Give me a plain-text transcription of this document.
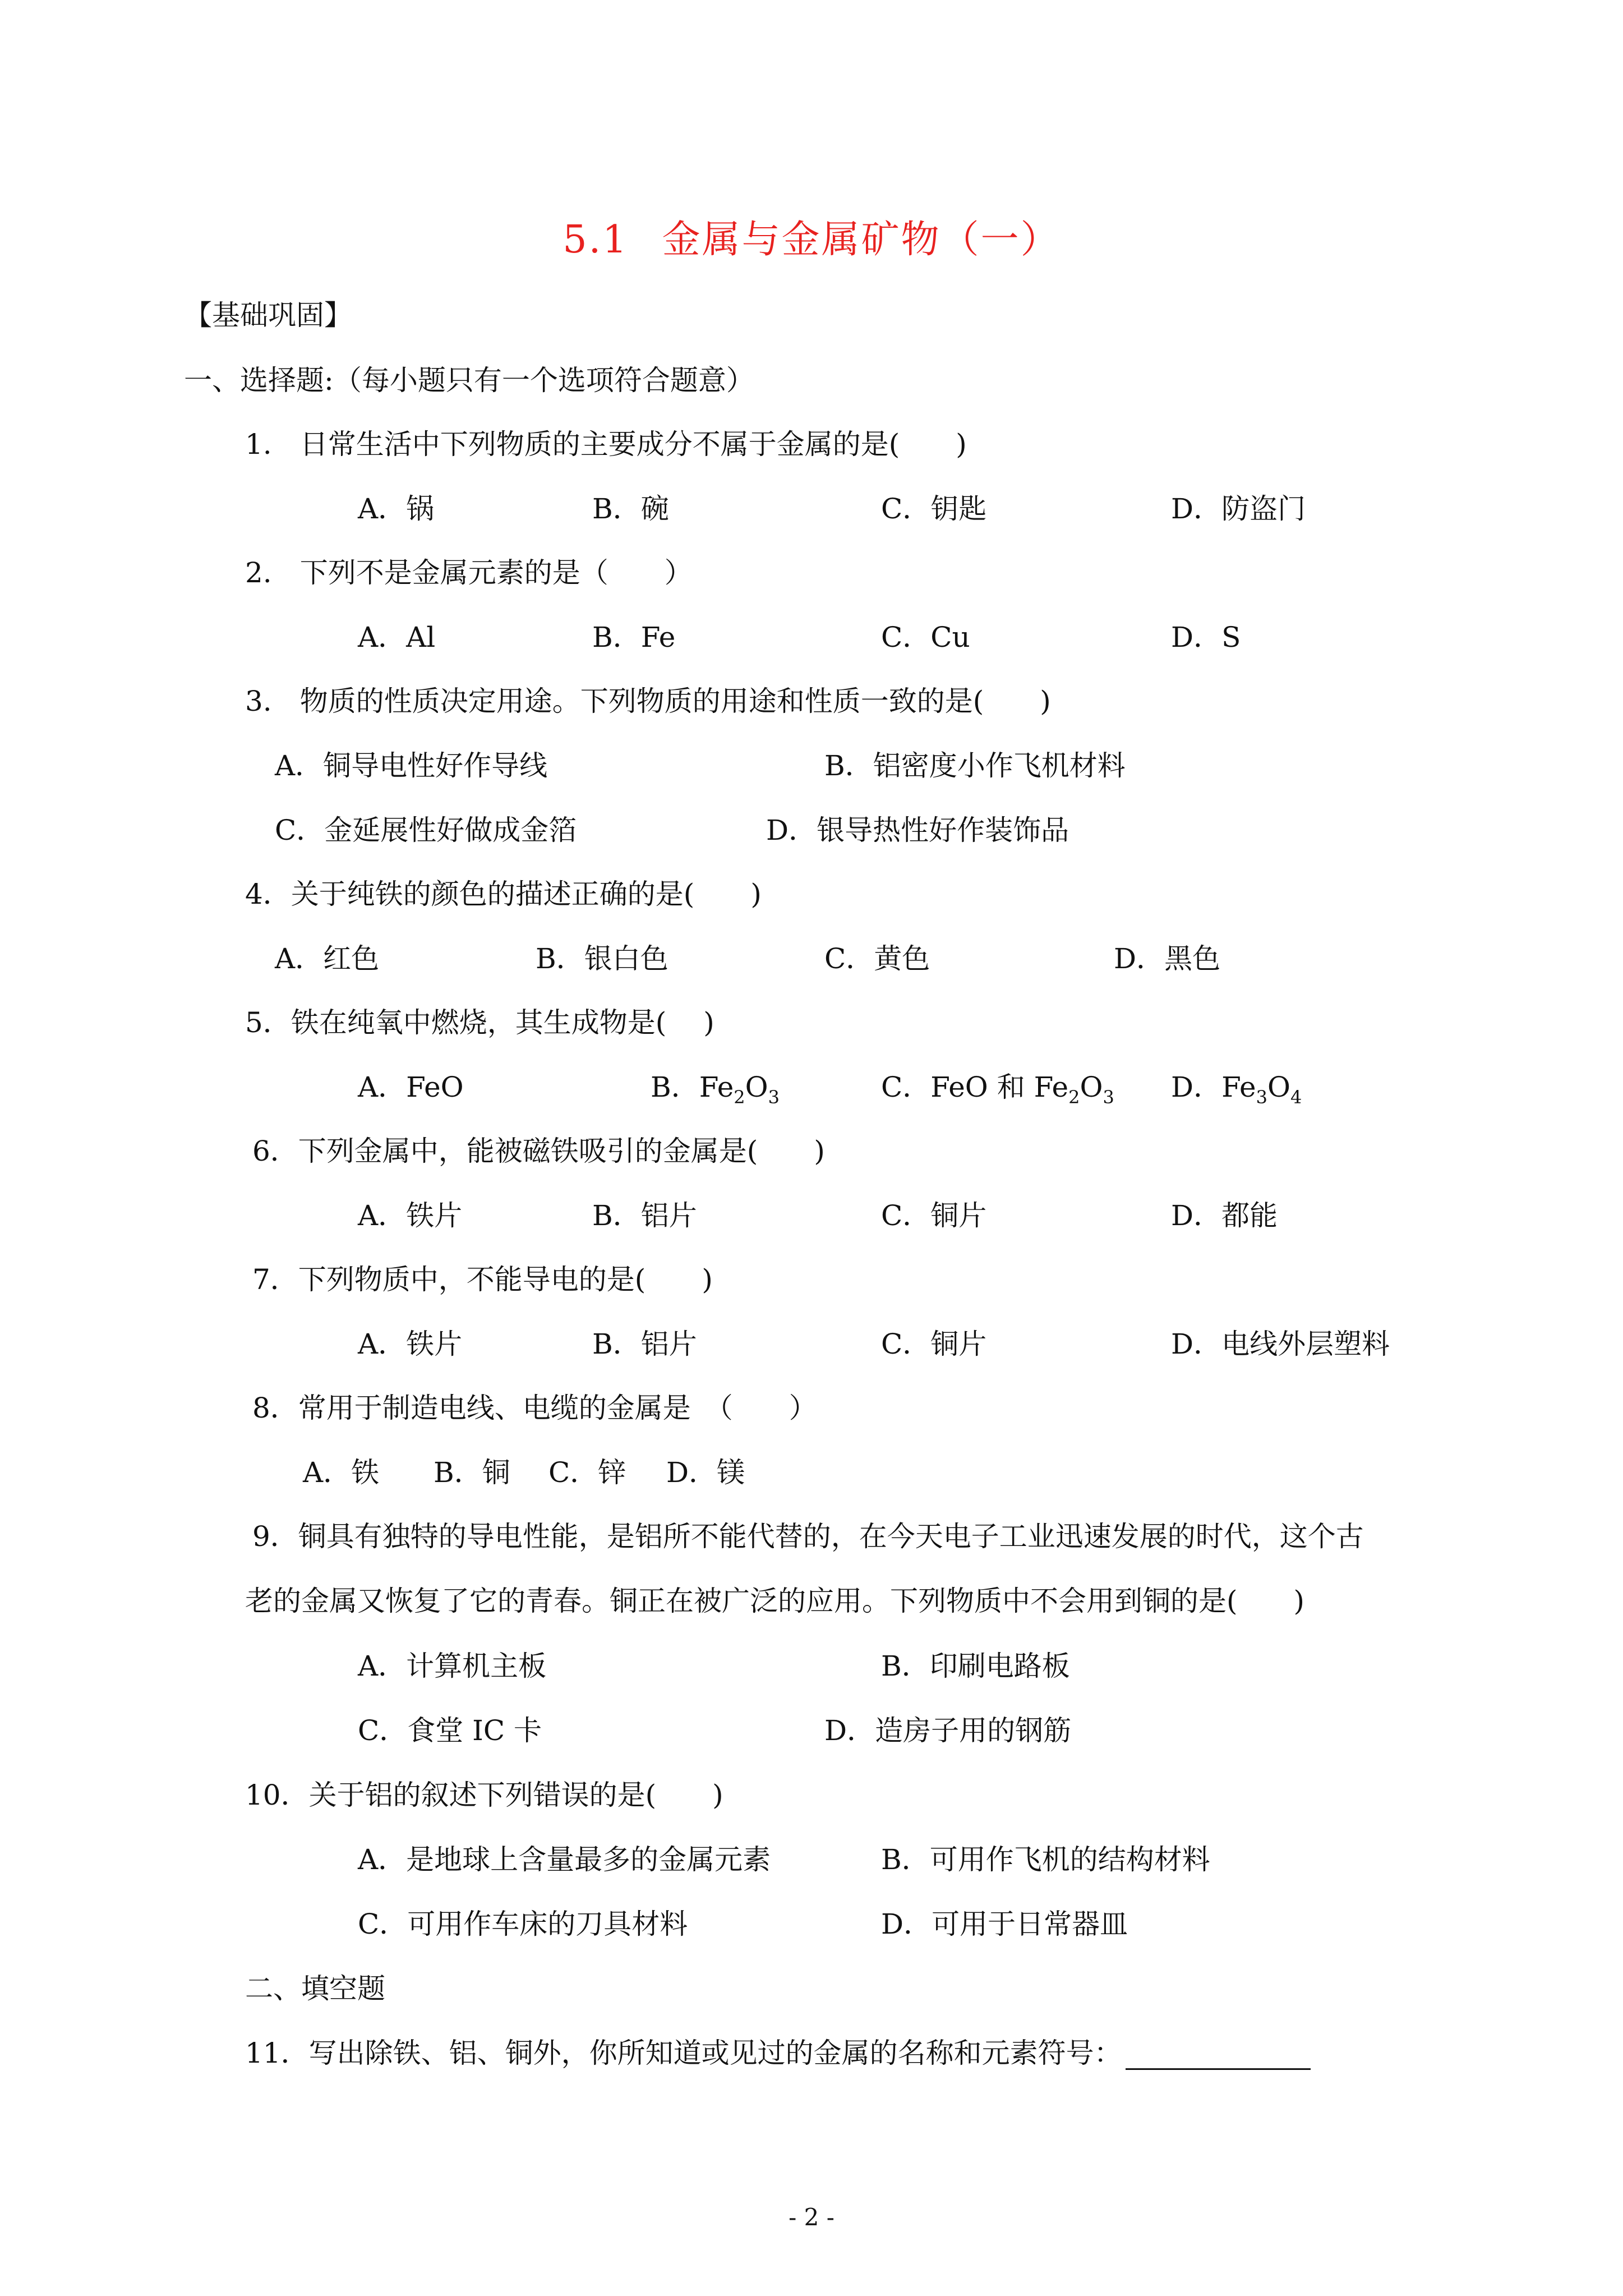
5.1 金属与金属矿物（一）
【基础巩固】
一、选择题:（每小题只有一个选项符合题意）
1.　日常生活中下列物质的主要成分不属于金属的是(　　)
A．锅	B．碗	C．钥匙	D．防盗门
2.　下列不是金属元素的是（　　）
A．Al	B．Fe	C．Cu	D．S
3.　物质的性质决定用途。下列物质的用途和性质一致的是(　　)
A．铜导电性好作导线	B．铝密度小作飞机材料
C．金延展性好做成金箔	D．银导热性好作装饰品
4．关于纯铁的颜色的描述正确的是(　　)
A．红色	B．银白色	C．黄色	D．黑色
5．铁在纯氧中燃烧，其生成物是( 　)
A．FeO	B．$Fe_2O_3$	C．FeO 和 $Fe_2O_3$ D．$Fe_3O_4$
6．下列金属中，能被磁铁吸引的金属是(　　)
A．铁片	B．铝片	C．铜片	D．都能
7．下列物质中，不能导电的是(　　)
A．铁片	B．铝片	C．铜片	D．电线外层塑料
8．常用于制造电线、电缆的金属是　（　　）
A．铁 B．铜 C．锌 D．镁
9．铜具有独特的导电性能，是铝所不能代替的，在今天电子工业迅速发展的时代，这个古
老的金属又恢复了它的青春。铜正在被广泛的应用。下列物质中不会用到铜的是(　　)
A．计算机主板	B．印刷电路板
C．食堂 IC 卡	D．造房子用的钢筋
10．关于铝的叙述下列错误的是(　　)
A．是地球上含量最多的金属元素	B．可用作飞机的结构材料
C．可用作车床的刀具材料	D．可用于日常器皿
二、填空题
11．写出除铁、铝、铜外，你所知道或见过的金属的名称和元素符号：
- 2 -
